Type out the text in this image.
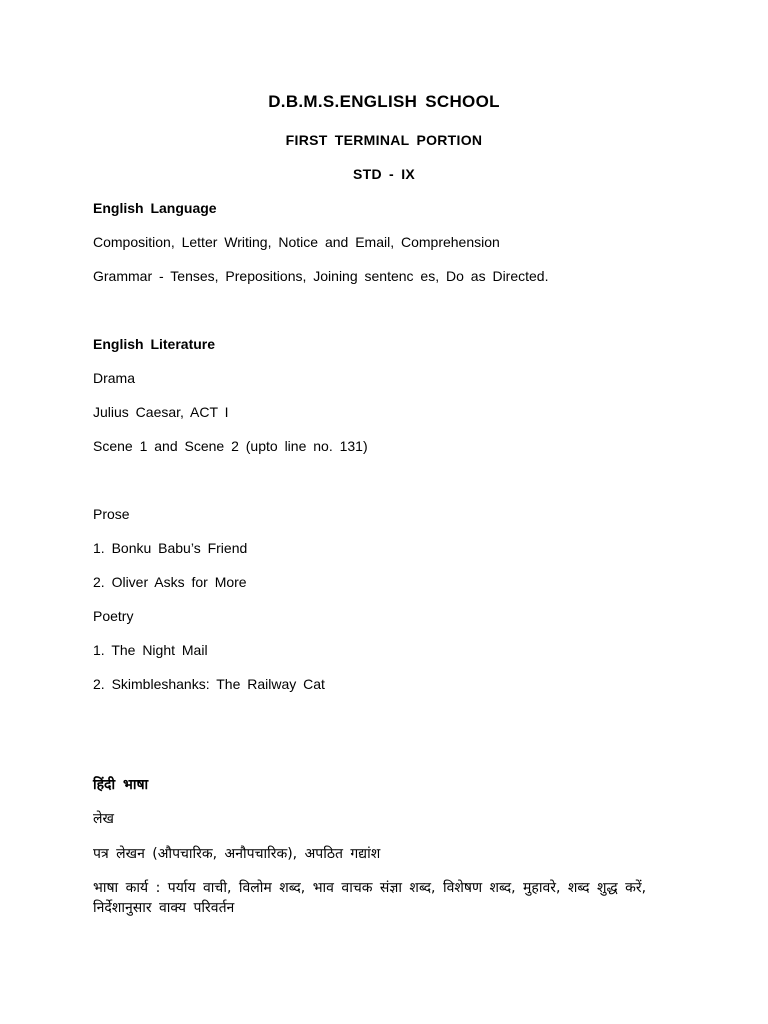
D.B.M.S.ENGLISH SCHOOL
FIRST TERMINAL PORTION
STD - IX
English Language
Composition, Letter Writing, Notice and Email, Comprehension
Grammar - Tenses, Prepositions, Joining sentenc es, Do as Directed.
English Literature
Drama
Julius Caesar, ACT I
Scene 1 and Scene 2 (upto line no. 131)
Prose
1. Bonku Babu’s Friend
2. Oliver Asks for More
Poetry
1. The Night Mail
2. Skimbleshanks: The Railway Cat
हिंदी भाषा
लेख
पत्र लेखन (औपचारिक, अनौपचारिक), अपठित गद्यांश
भाषा कार्य : पर्याय वाची, विलोम शब्द, भाव वाचक संज्ञा शब्द, विशेषण शब्द, मुहावरे, शब्द शुद्ध करें, निर्देशानुसार वाक्य परिवर्तन
